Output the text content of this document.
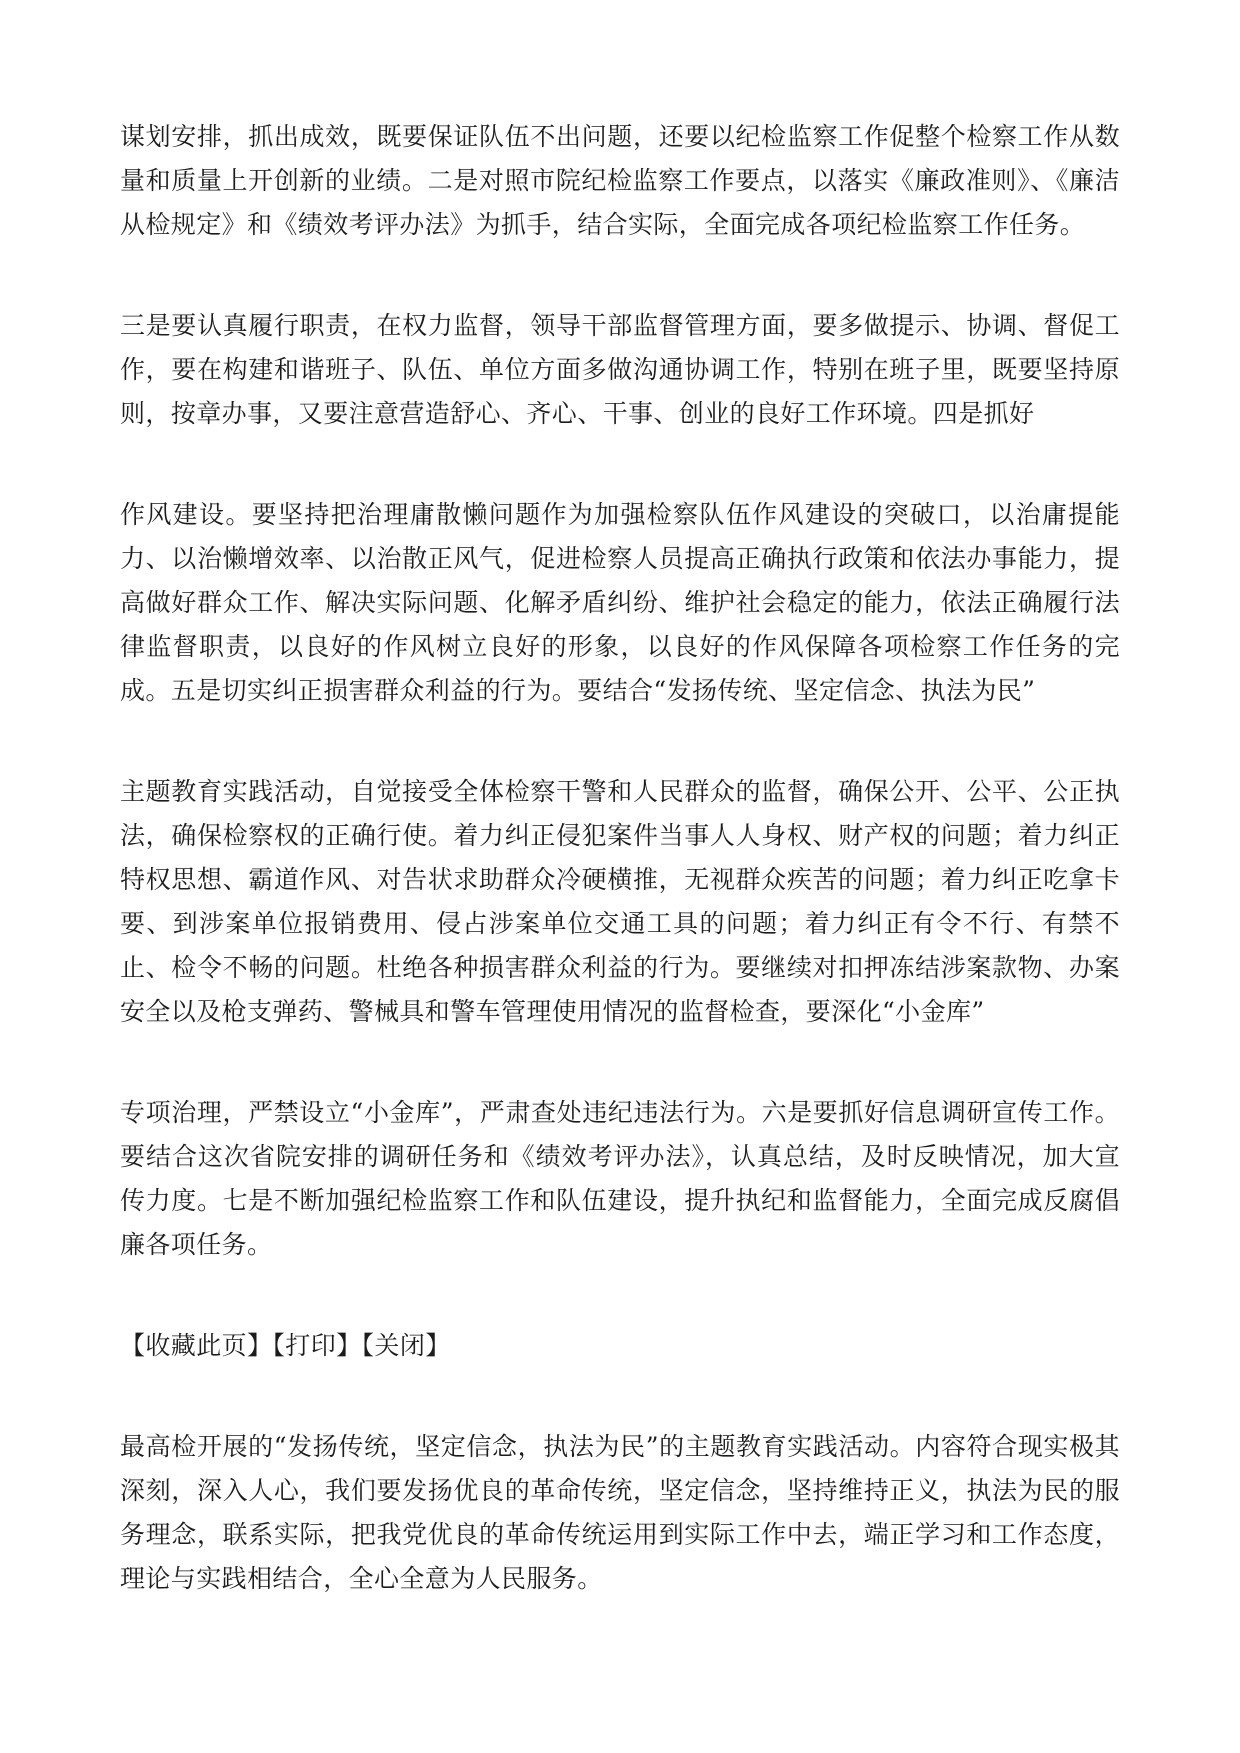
谋划安排，抓出成效，既要保证队伍不出问题，还要以纪检监察工作促整个检察工作从数量和质量上开创新的业绩。二是对照市院纪检监察工作要点，以落实《廉政准则》、《廉洁从检规定》和《绩效考评办法》为抓手，结合实际，全面完成各项纪检监察工作任务。

三是要认真履行职责，在权力监督，领导干部监督管理方面，要多做提示、协调、督促工作，要在构建和谐班子、队伍、单位方面多做沟通协调工作，特别在班子里，既要坚持原则，按章办事，又要注意营造舒心、齐心、干事、创业的良好工作环境。四是抓好

作风建设。要坚持把治理庸散懒问题作为加强检察队伍作风建设的突破口，以治庸提能力、以治懒增效率、以治散正风气，促进检察人员提高正确执行政策和依法办事能力，提高做好群众工作、解决实际问题、化解矛盾纠纷、维护社会稳定的能力，依法正确履行法律监督职责，以良好的作风树立良好的形象，以良好的作风保障各项检察工作任务的完成。五是切实纠正损害群众利益的行为。要结合“发扬传统、坚定信念、执法为民”

主题教育实践活动，自觉接受全体检察干警和人民群众的监督，确保公开、公平、公正执法，确保检察权的正确行使。着力纠正侵犯案件当事人人身权、财产权的问题；着力纠正特权思想、霸道作风、对告状求助群众冷硬横推，无视群众疾苦的问题；着力纠正吃拿卡要、到涉案单位报销费用、侵占涉案单位交通工具的问题；着力纠正有令不行、有禁不止、检令不畅的问题。杜绝各种损害群众利益的行为。要继续对扣押冻结涉案款物、办案安全以及枪支弹药、警械具和警车管理使用情况的监督检查，要深化“小金库”

专项治理，严禁设立“小金库”，严肃查处违纪违法行为。六是要抓好信息调研宣传工作。要结合这次省院安排的调研任务和《绩效考评办法》，认真总结，及时反映情况，加大宣传力度。七是不断加强纪检监察工作和队伍建设，提升执纪和监督能力，全面完成反腐倡廉各项任务。

【收藏此页】【打印】【关闭】

最高检开展的“发扬传统，坚定信念，执法为民”的主题教育实践活动。内容符合现实极其深刻，深入人心，我们要发扬优良的革命传统，坚定信念，坚持维持正义，执法为民的服务理念，联系实际，把我党优良的革命传统运用到实际工作中去，端正学习和工作态度，理论与实践相结合，全心全意为人民服务。
